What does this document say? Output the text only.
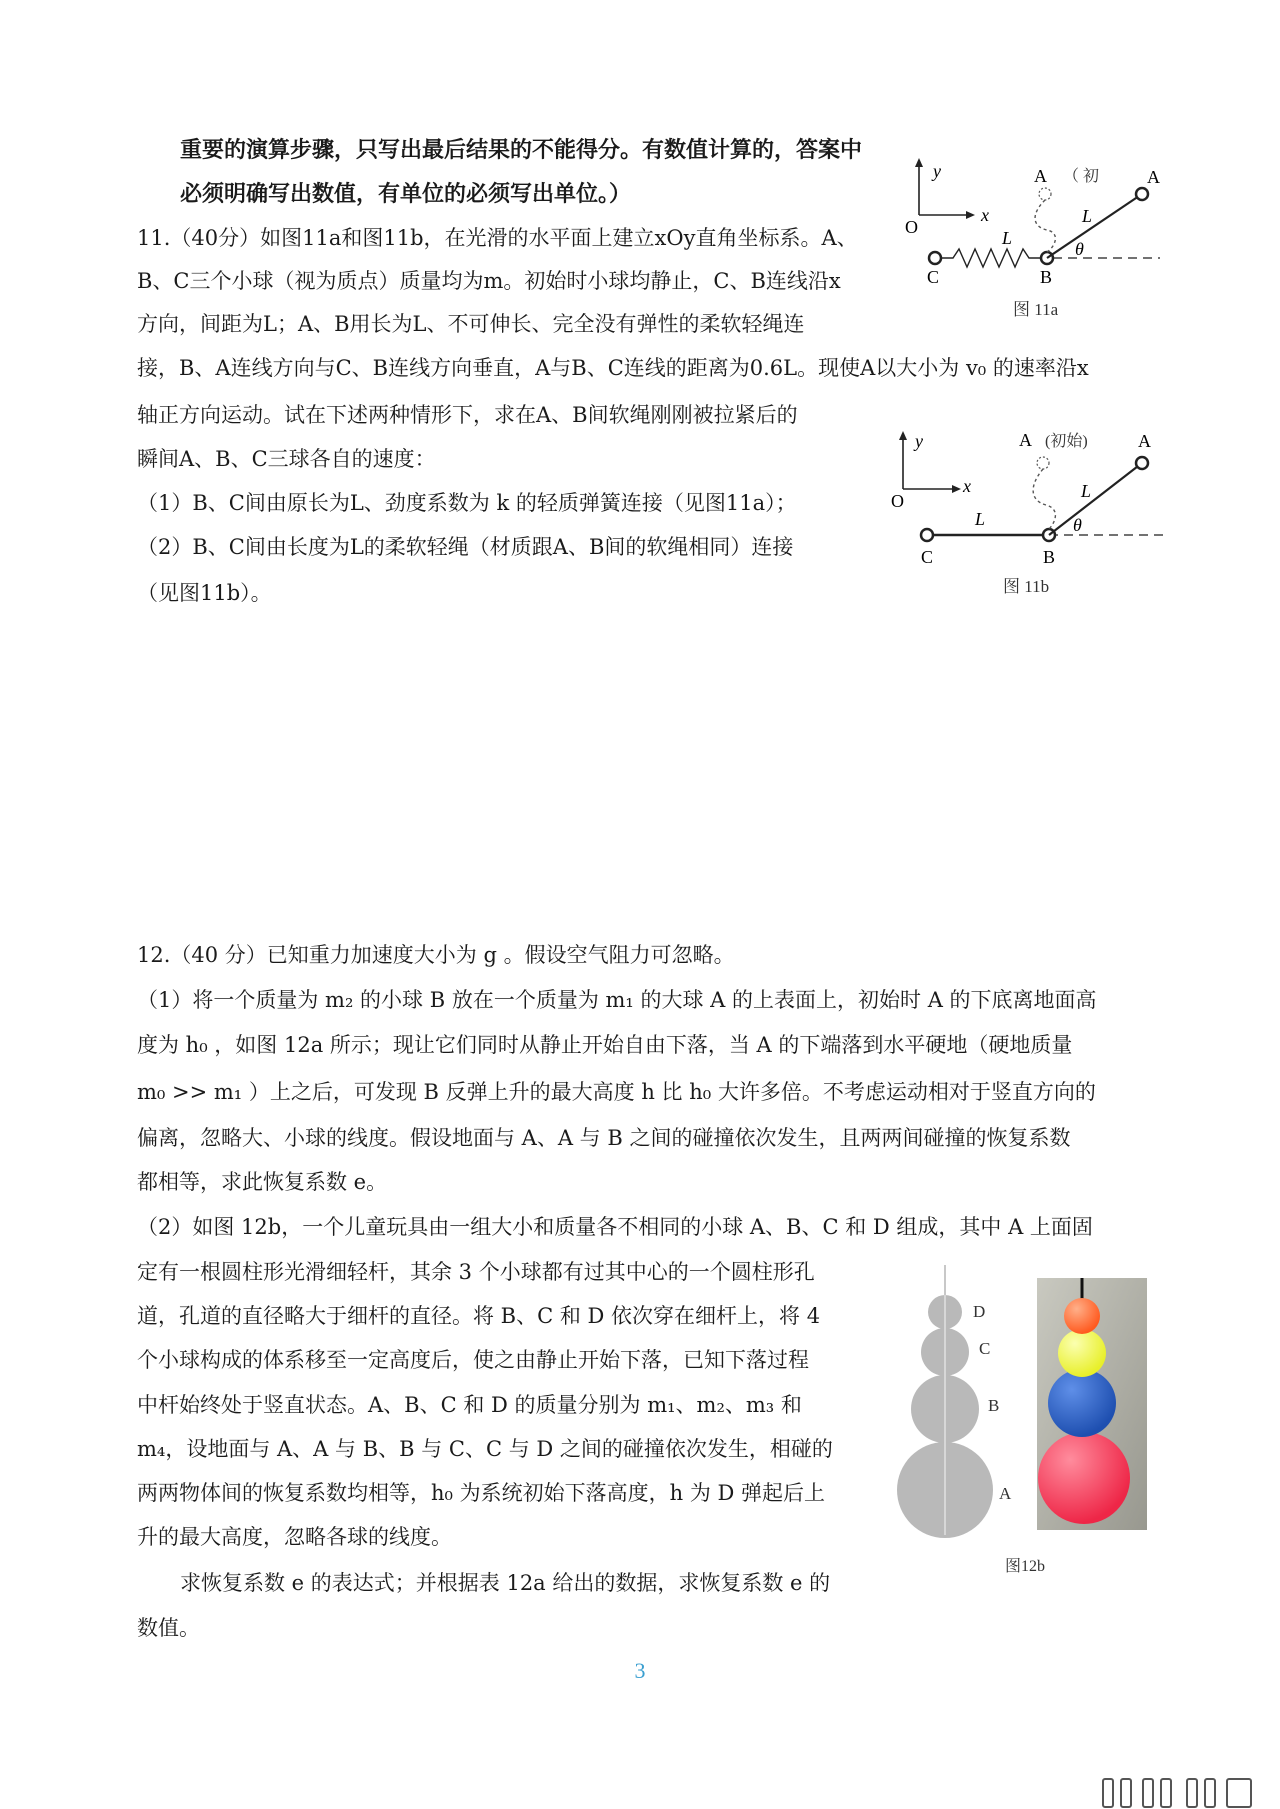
重要的演算步骤，只写出最后结果的不能得分。有数值计算的，答案中
必须明确写出数值，有单位的必须写出单位。）
11.（40分）如图11a和图11b，在光滑的水平面上建立xOy直角坐标系。A、
B、C三个小球（视为质点）质量均为m。初始时小球均静止，C、B连线沿x
方向，间距为L；A、B用长为L、不可伸长、完全没有弹性的柔软轻绳连
接，B、A连线方向与C、B连线方向垂直，A与B、C连线的距离为0.6L。现使A以大小为 v₀ 的速率沿x
轴正方向运动。试在下述两种情形下，求在A、B间软绳刚刚被拉紧后的
瞬间A、B、C三球各自的速度：
（1）B、C间由原长为L、劲度系数为 k 的轻质弹簧连接（见图11a）；
（2）B、C间由长度为L的柔软轻绳（材质跟A、B间的软绳相同）连接
（见图11b）。
y
x
O
A （ 初	A
L
θ
L
C	B
图 11a
y
x
O
A (初始)	A
L
θ
L
C	B
图 11b
12.（40 分）已知重力加速度大小为 g 。假设空气阻力可忽略。
（1）将一个质量为 m₂ 的小球 B 放在一个质量为 m₁ 的大球 A 的上表面上，初始时 A 的下底离地面高
度为 h₀ ，如图 12a 所示；现让它们同时从静止开始自由下落，当 A 的下端落到水平硬地（硬地质量
m₀ >> m₁ ）上之后，可发现 B 反弹上升的最大高度 h 比 h₀ 大许多倍。不考虑运动相对于竖直方向的
偏离，忽略大、小球的线度。假设地面与 A、A 与 B 之间的碰撞依次发生，且两两间碰撞的恢复系数
都相等，求此恢复系数 e。
（2）如图 12b，一个儿童玩具由一组大小和质量各不相同的小球 A、B、C 和 D 组成，其中 A 上面固
定有一根圆柱形光滑细轻杆，其余 3 个小球都有过其中心的一个圆柱形孔
道，孔道的直径略大于细杆的直径。将 B、C 和 D 依次穿在细杆上，将 4
个小球构成的体系移至一定高度后，使之由静止开始下落，已知下落过程
中杆始终处于竖直状态。A、B、C 和 D 的质量分别为 m₁、m₂、m₃ 和
m₄，设地面与 A、A 与 B、B 与 C、C 与 D 之间的碰撞依次发生，相碰的
两两物体间的恢复系数均相等，h₀ 为系统初始下落高度，h 为 D 弹起后上
升的最大高度，忽略各球的线度。
求恢复系数 e 的表达式；并根据表 12a 给出的数据，求恢复系数 e 的
数值。
D
C
B
A
图12b
3
